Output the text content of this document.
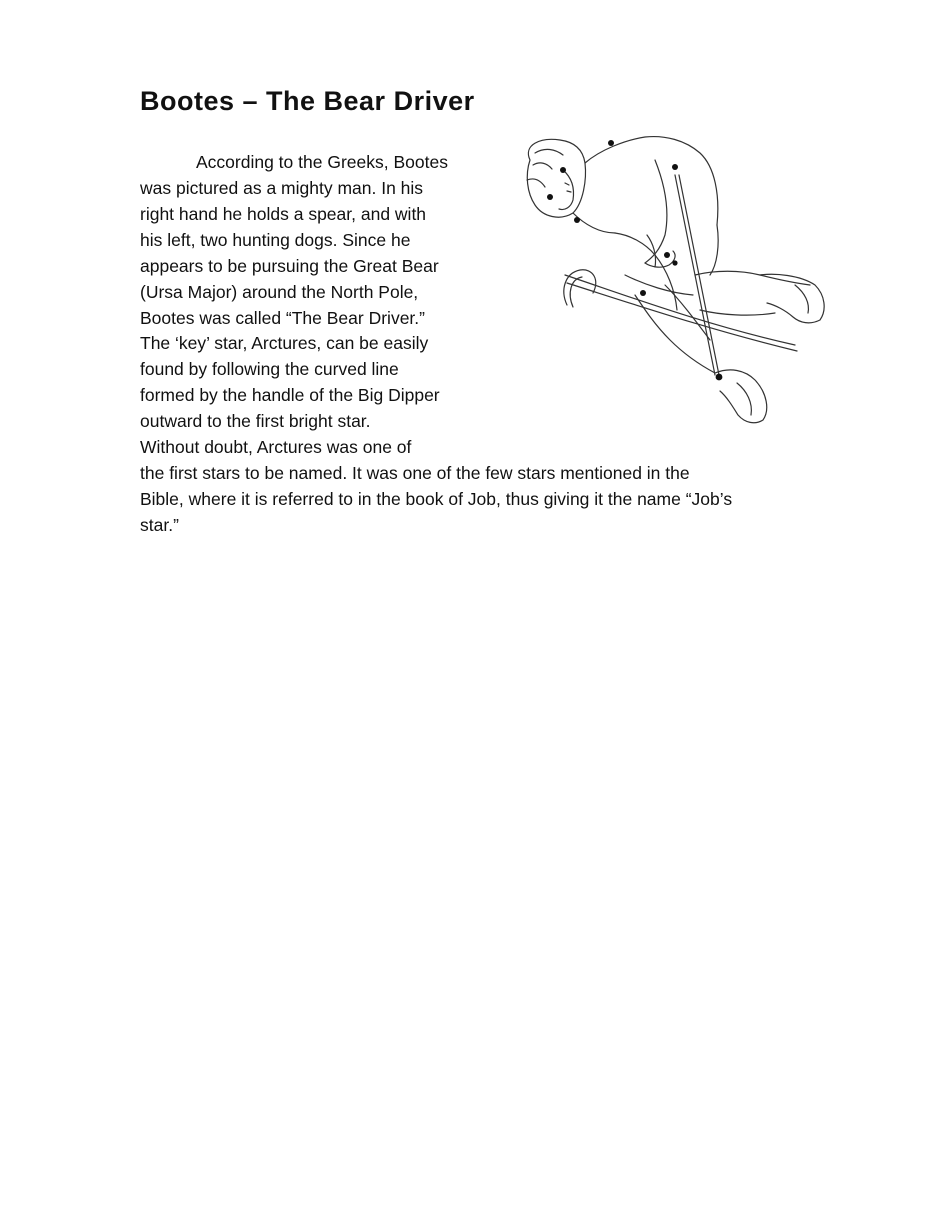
Bootes – The Bear Driver

According to the Greeks, Bootes

was pictured as a mighty man. In his

right hand he holds a spear, and with

his left, two hunting dogs. Since he

appears to be pursuing the Great Bear

(Ursa Major) around the North Pole,

Bootes was called “The Bear Driver.”

The ‘key’ star, Arctures, can be easily

found by following the curved line

formed by the handle of the Big Dipper

outward to the first bright star.

Without doubt, Arctures was one of

the first stars to be named. It was one of the few stars mentioned in the

Bible, where it is referred to in the book of Job, thus giving it the name “Job’s

star.”
